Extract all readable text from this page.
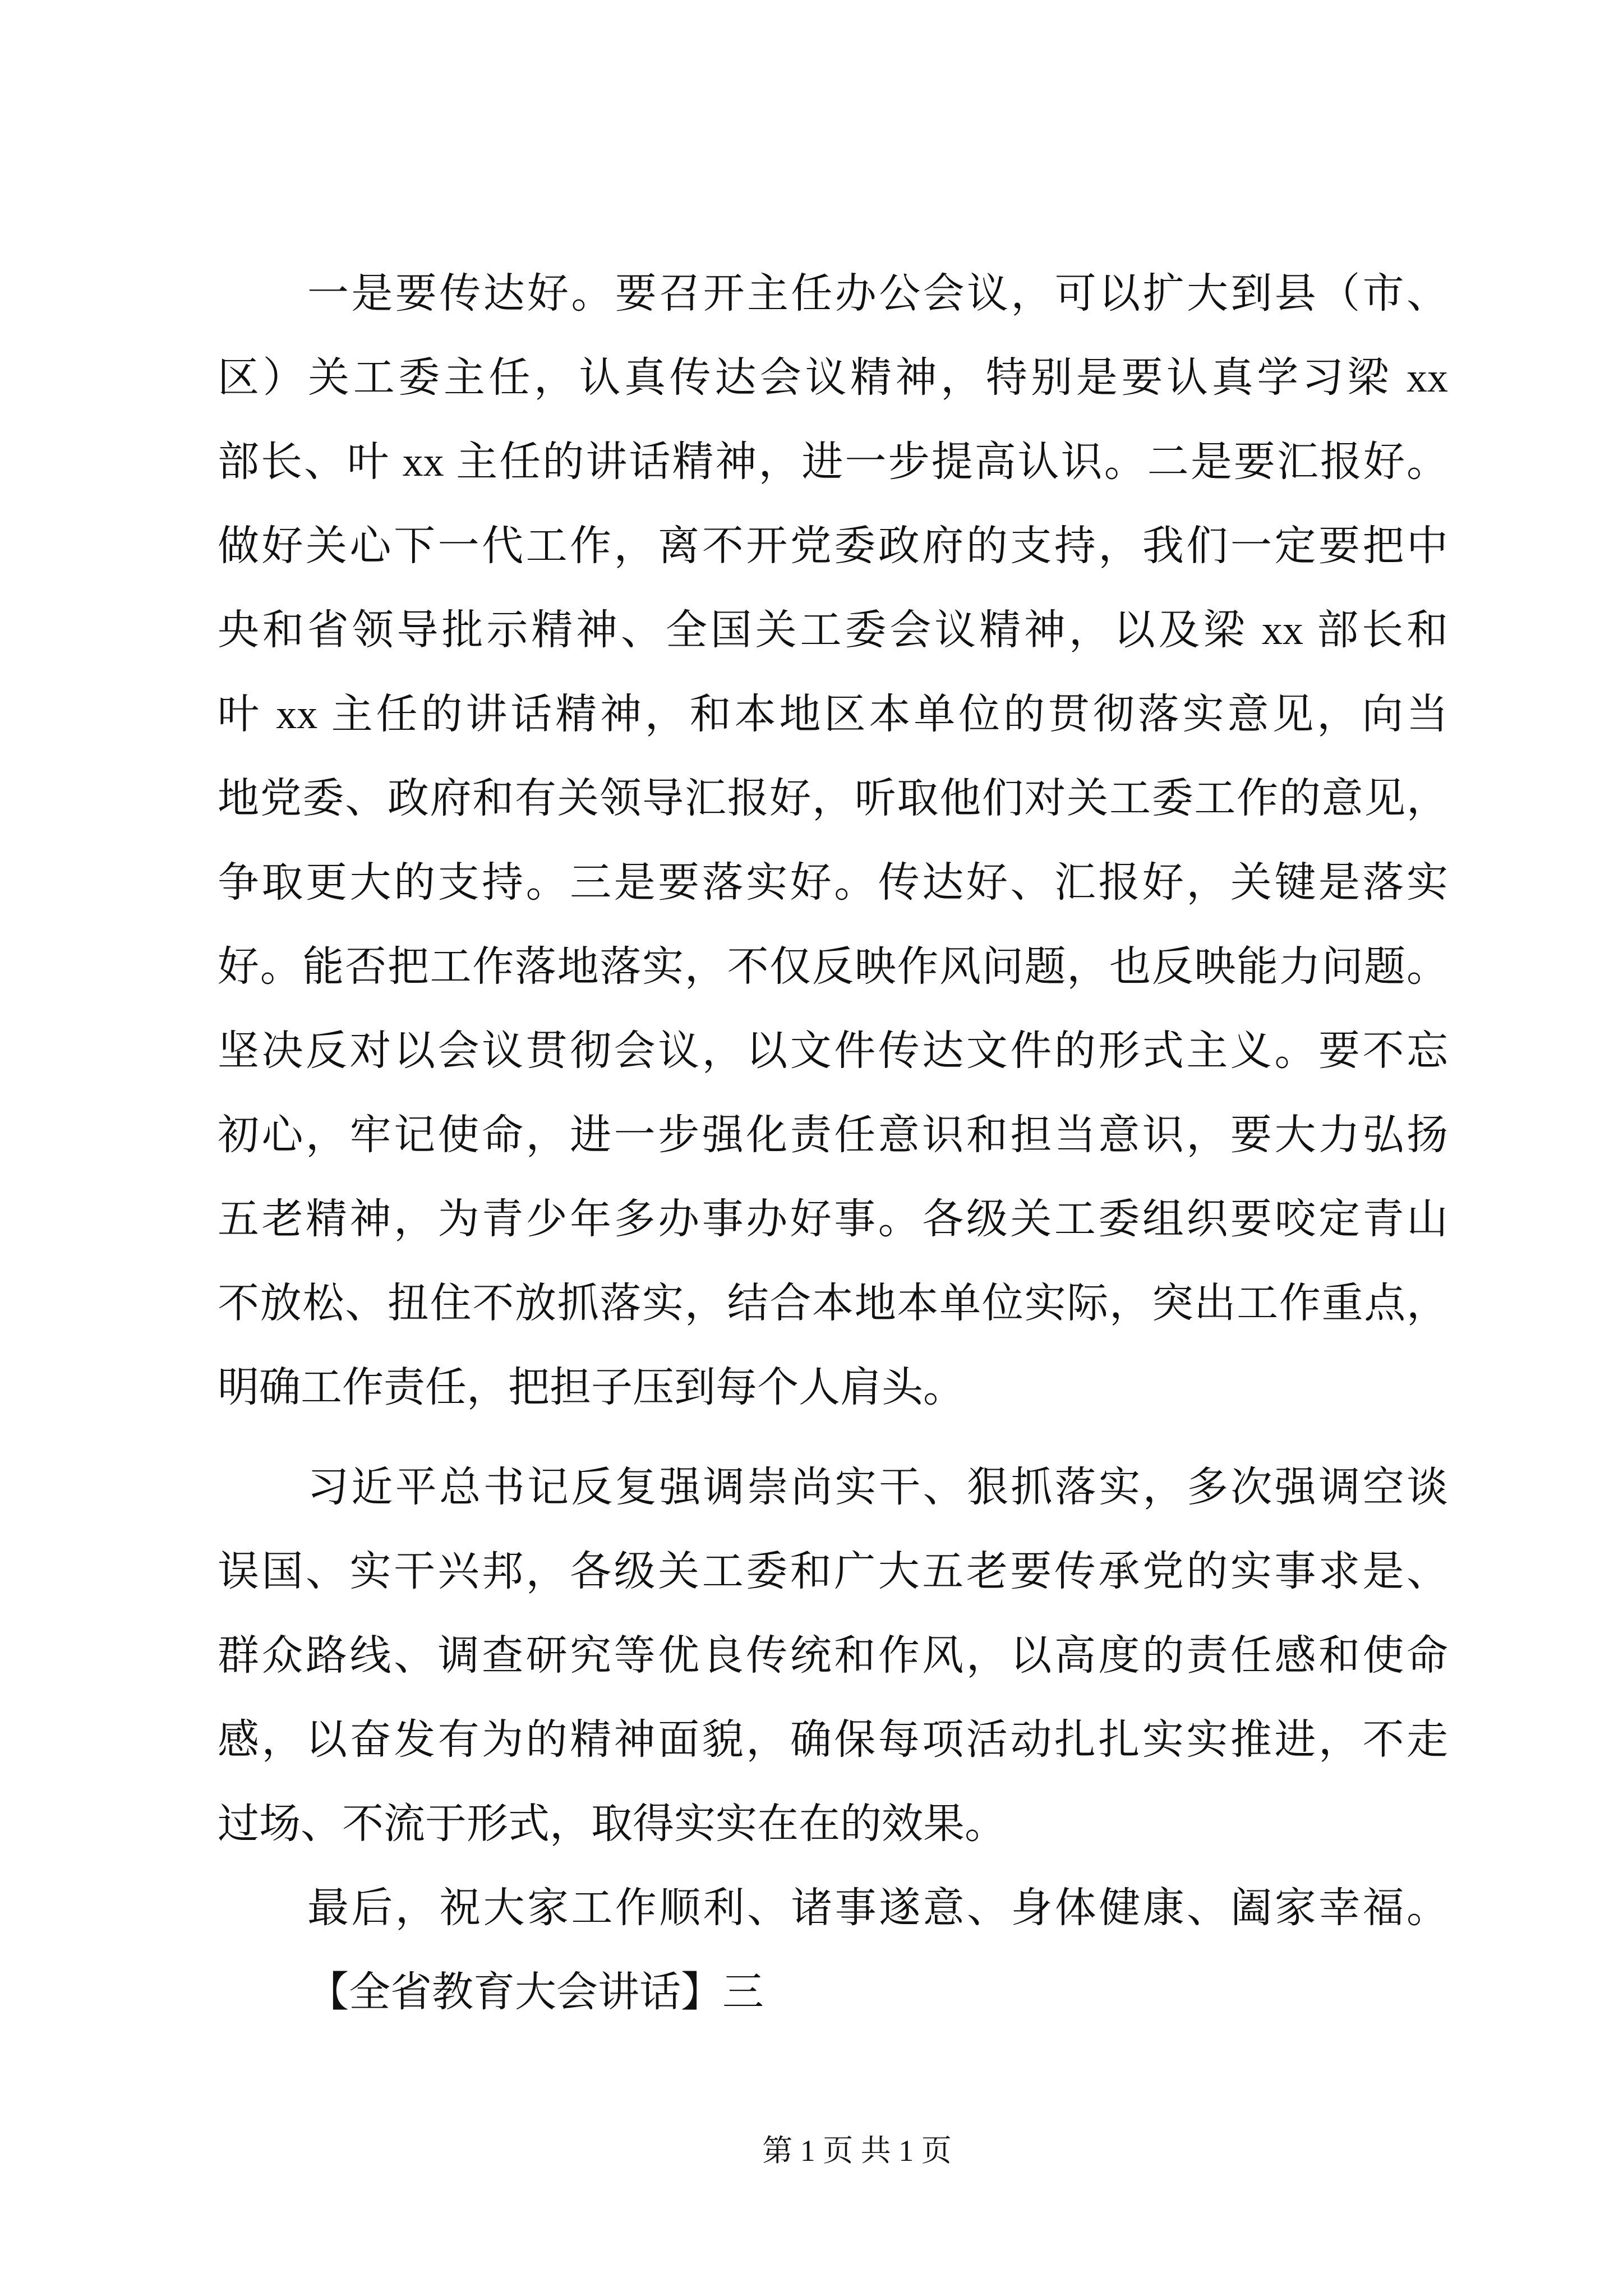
一是要传达好。要召开主任办公会议，可以扩大到县（市、
区）关工委主任，认真传达会议精神，特别是要认真学习梁 xx
部长、叶 xx 主任的讲话精神，进一步提高认识。二是要汇报好。
做好关心下一代工作，离不开党委政府的支持，我们一定要把中
央和省领导批示精神、全国关工委会议精神，以及梁 xx 部长和
叶 xx 主任的讲话精神，和本地区本单位的贯彻落实意见，向当
地党委、政府和有关领导汇报好，听取他们对关工委工作的意见，
争取更大的支持。三是要落实好。传达好、汇报好，关键是落实
好。能否把工作落地落实，不仅反映作风问题，也反映能力问题。
坚决反对以会议贯彻会议，以文件传达文件的形式主义。要不忘
初心，牢记使命，进一步强化责任意识和担当意识，要大力弘扬
五老精神，为青少年多办事办好事。各级关工委组织要咬定青山
不放松、扭住不放抓落实，结合本地本单位实际，突出工作重点，
明确工作责任，把担子压到每个人肩头。
习近平总书记反复强调崇尚实干、狠抓落实，多次强调空谈
误国、实干兴邦，各级关工委和广大五老要传承党的实事求是、
群众路线、调查研究等优良传统和作风，以高度的责任感和使命
感，以奋发有为的精神面貌，确保每项活动扎扎实实推进，不走
过场、不流于形式，取得实实在在的效果。
最后，祝大家工作顺利、诸事遂意、身体健康、阖家幸福。
【全省教育大会讲话】三
第 1 页 共 1 页
